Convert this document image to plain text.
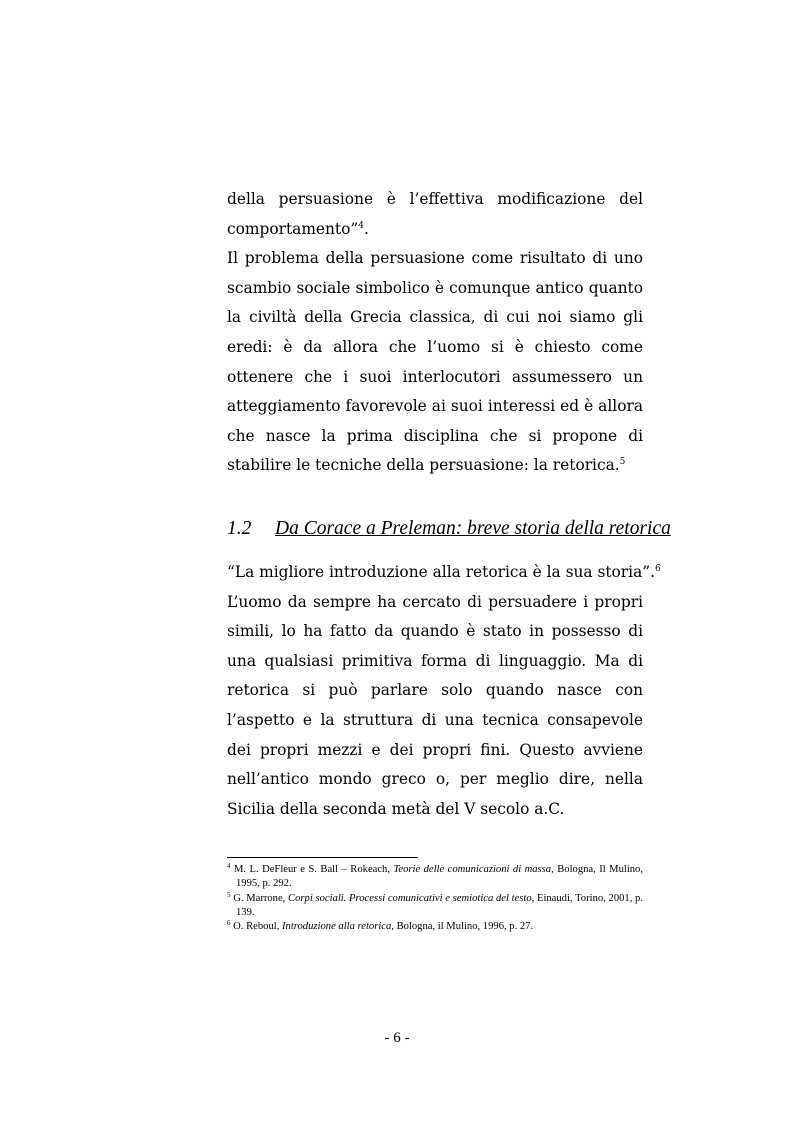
della persuasione è l’effettiva modificazione del comportamento”$^4$.

Il problema della persuasione come risultato di uno scambio sociale simbolico è comunque antico quanto la civiltà della Grecia classica, di cui noi siamo gli eredi: è da allora che l’uomo si è chiesto come ottenere che i suoi interlocutori assumessero un atteggiamento favorevole ai suoi interessi ed è allora che nasce la prima disciplina che si propone di stabilire le tecniche della persuasione: la retorica.$^5$

1.2 Da Corace a Preleman: breve storia della retorica

“La migliore introduzione alla retorica è la sua storia”.$^6$

L’uomo da sempre ha cercato di persuadere i propri simili, lo ha fatto da quando è stato in possesso di una qualsiasi primitiva forma di linguaggio. Ma di retorica si può parlare solo quando nasce con l’aspetto e la struttura di una tecnica consapevole dei propri mezzi e dei propri fini. Questo avviene nell’antico mondo greco o, per meglio dire, nella Sicilia della seconda metà del V secolo a.C.

$^4$ M. L. DeFleur e S. Ball – Rokeach, Teorie delle comunicazioni di massa, Bologna, Il Mulino, 1995, p. 292.

$^5$ G. Marrone, Corpi sociali. Processi comunicativi e semiotica del testo, Einaudi, Torino, 2001, p. 139.

$^6$ O. Reboul, Introduzione alla retorica, Bologna, il Mulino, 1996, p. 27.

- 6 -
